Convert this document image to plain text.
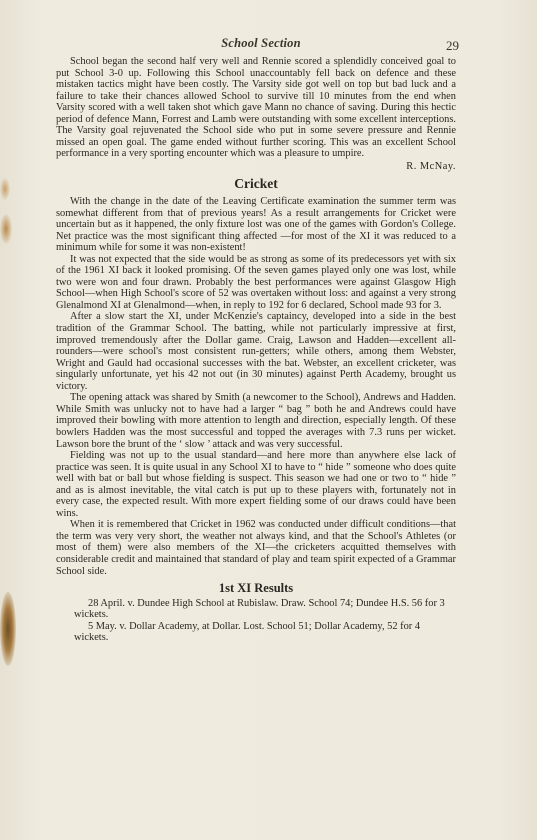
School Section	29

School began the second half very well and Rennie scored a splendidly conceived goal to put School 3-0 up. Following this School unaccountably fell back on defence and these mistaken tactics might have been costly. The Varsity side got well on top but bad luck and a failure to take their chances allowed School to survive till 10 minutes from the end when Varsity scored with a well taken shot which gave Mann no chance of saving. During this hectic period of defence Mann, Forrest and Lamb were outstanding with some excellent interceptions. The Varsity goal rejuvenated the School side who put in some severe pressure and Rennie missed an open goal. The game ended without further scoring. This was an excellent School performance in a very sporting encounter which was a pleasure to umpire.

R. McNay.
Cricket

With the change in the date of the Leaving Certificate examination the summer term was somewhat different from that of previous years! As a result arrangements for Cricket were uncertain but as it happened, the only fixture lost was one of the games with Gordon's College. Net practice was the most significant thing affected —for most of the XI it was reduced to a minimum while for some it was non-existent!

It was not expected that the side would be as strong as some of its predecessors yet with six of the 1961 XI back it looked promising. Of the seven games played only one was lost, while two were won and four drawn. Probably the best performances were against Glasgow High School—when High School's score of 52 was overtaken without loss: and against a very strong Glenalmond XI at Glenalmond—when, in reply to 192 for 6 declared, School made 93 for 3.

After a slow start the XI, under McKenzie's captaincy, developed into a side in the best tradition of the Grammar School. The batting, while not particularly impressive at first, improved tremendously after the Dollar game. Craig, Lawson and Hadden—excellent all-rounders—were school's most consistent run-getters; while others, among them Webster, Wright and Gauld had occasional successes with the bat. Webster, an excellent cricketer, was singularly unfortunate, yet his 42 not out (in 30 minutes) against Perth Academy, brought us victory.

The opening attack was shared by Smith (a newcomer to the School), Andrews and Hadden. While Smith was unlucky not to have had a larger “ bag ” both he and Andrews could have improved their bowling with more attention to length and direction, especially length. Of these bowlers Hadden was the most successful and topped the averages with 7.3 runs per wicket. Lawson bore the brunt of the ‘ slow ’ attack and was very successful.

Fielding was not up to the usual standard—and here more than anywhere else lack of practice was seen. It is quite usual in any School XI to have to “ hide ” someone who does quite well with bat or ball but whose fielding is suspect. This season we had one or two to “ hide ” and as is almost inevitable, the vital catch is put up to these players with, fortunately not in every case, the expected result. With more expert fielding some of our draws could have been wins.

When it is remembered that Cricket in 1962 was conducted under difficult conditions—that the term was very very short, the weather not always kind, and that the School's Athletes (or most of them) were also members of the XI—the cricketers acquitted themselves with considerable credit and maintained that standard of play and team spirit expected of a Grammar School side.

1st XI Results

28 April. v. Dundee High School at Rubislaw. Draw. School 74; Dundee H.S. 56 for 3 wickets.

5 May. v. Dollar Academy, at Dollar. Lost. School 51; Dollar Academy, 52 for 4 wickets.
